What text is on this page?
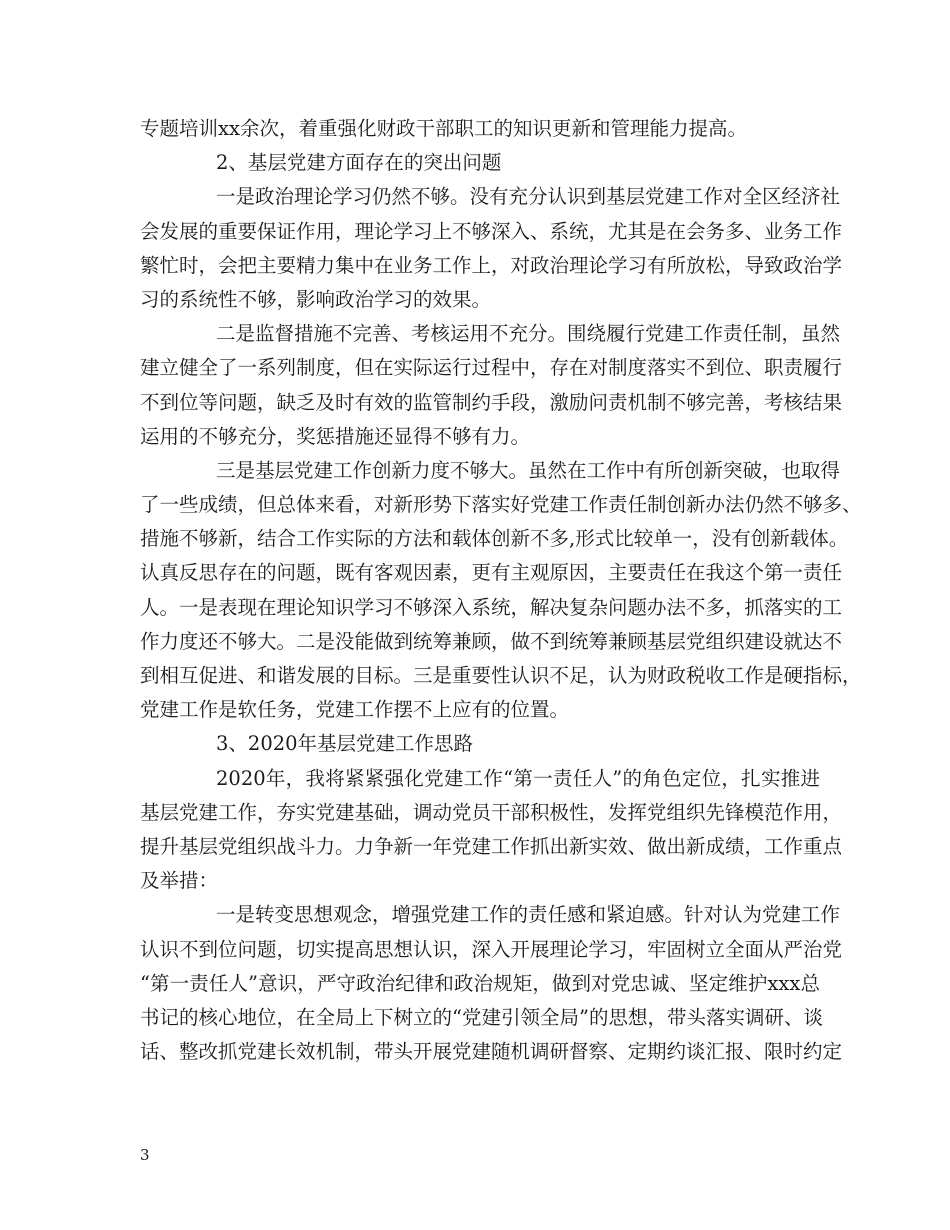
专题培训xx余次，着重强化财政干部职工的知识更新和管理能力提高。
2、基层党建方面存在的突出问题
一是政治理论学习仍然不够。没有充分认识到基层党建工作对全区经济社
会发展的重要保证作用，理论学习上不够深入、系统，尤其是在会务多、业务工作
繁忙时，会把主要精力集中在业务工作上，对政治理论学习有所放松，导致政治学
习的系统性不够，影响政治学习的效果。
二是监督措施不完善、考核运用不充分。围绕履行党建工作责任制，虽然
建立健全了一系列制度，但在实际运行过程中，存在对制度落实不到位、职责履行
不到位等问题，缺乏及时有效的监管制约手段，激励问责机制不够完善，考核结果
运用的不够充分，奖惩措施还显得不够有力。
三是基层党建工作创新力度不够大。虽然在工作中有所创新突破，也取得
了一些成绩，但总体来看，对新形势下落实好党建工作责任制创新办法仍然不够多、
措施不够新，结合工作实际的方法和载体创新不多,形式比较单一，没有创新载体。
认真反思存在的问题，既有客观因素，更有主观原因，主要责任在我这个第一责任
人。一是表现在理论知识学习不够深入系统，解决复杂问题办法不多，抓落实的工
作力度还不够大。二是没能做到统筹兼顾，做不到统筹兼顾基层党组织建设就达不
到相互促进、和谐发展的目标。三是重要性认识不足，认为财政税收工作是硬指标，
党建工作是软任务，党建工作摆不上应有的位置。
3、2020年基层党建工作思路
2020年，我将紧紧强化党建工作“第一责任人”的角色定位，扎实推进
基层党建工作，夯实党建基础，调动党员干部积极性，发挥党组织先锋模范作用，
提升基层党组织战斗力。力争新一年党建工作抓出新实效、做出新成绩，工作重点
及举措：
一是转变思想观念，增强党建工作的责任感和紧迫感。针对认为党建工作
认识不到位问题，切实提高思想认识，深入开展理论学习，牢固树立全面从严治党
“第一责任人”意识，严守政治纪律和政治规矩，做到对党忠诚、坚定维护xxx总
书记的核心地位，在全局上下树立的“党建引领全局”的思想，带头落实调研、谈
话、整改抓党建长效机制，带头开展党建随机调研督察、定期约谈汇报、限时约定
3
